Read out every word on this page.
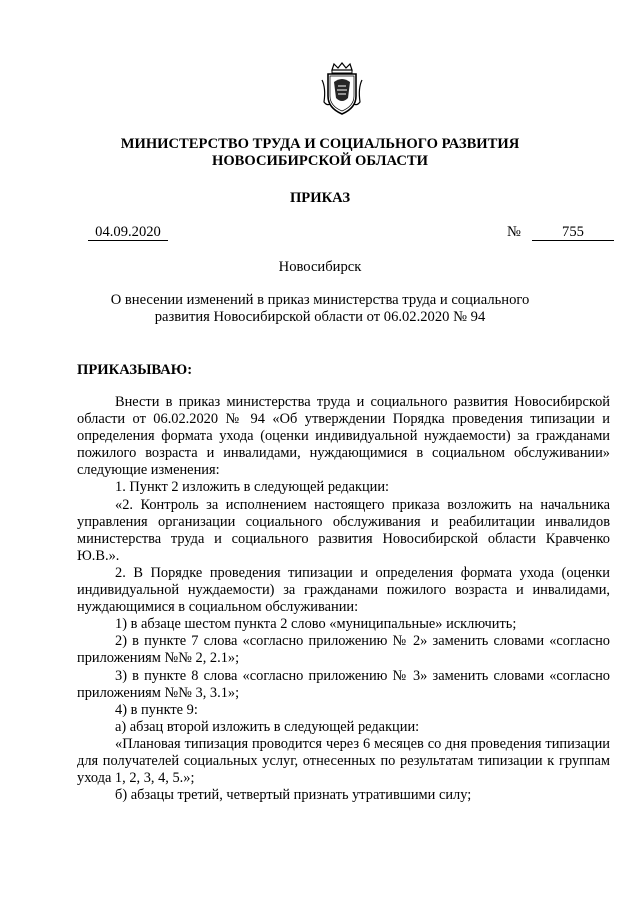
МИНИСТЕРСТВО ТРУДА И СОЦИАЛЬНОГО РАЗВИТИЯ
НОВОСИБИРСКОЙ ОБЛАСТИ
ПРИКАЗ
04.09.2020	№	755
Новосибирск
О внесении изменений в приказ министерства труда и социального
развития Новосибирской области от 06.02.2020 № 94
ПРИКАЗЫВАЮ:

Внести в приказ министерства труда и социального развития Новосибирской области от 06.02.2020 № 94 «Об утверждении Порядка проведения типизации и определения формата ухода (оценки индивидуальной нуждаемости) за гражданами пожилого возраста и инвалидами, нуждающимися в социальном обслуживании» следующие изменения:

1. Пункт 2 изложить в следующей редакции:

«2. Контроль за исполнением настоящего приказа возложить на начальника управления организации социального обслуживания и реабилитации инвалидов министерства труда и социального развития Новосибирской области Кравченко Ю.В.».

2. В Порядке проведения типизации и определения формата ухода (оценки индивидуальной нуждаемости) за гражданами пожилого возраста и инвалидами, нуждающимися в социальном обслуживании:

1) в абзаце шестом пункта 2 слово «муниципальные» исключить;

2) в пункте 7 слова «согласно приложению № 2» заменить словами «согласно приложениям №№ 2, 2.1»;

3) в пункте 8 слова «согласно приложению № 3» заменить словами «согласно приложениям №№ 3, 3.1»;

4) в пункте 9:

а) абзац второй изложить в следующей редакции:

«Плановая типизация проводится через 6 месяцев со дня проведения типизации для получателей социальных услуг, отнесенных по результатам типизации к группам ухода 1, 2, 3, 4, 5.»;

б) абзацы третий, четвертый признать утратившими силу;
